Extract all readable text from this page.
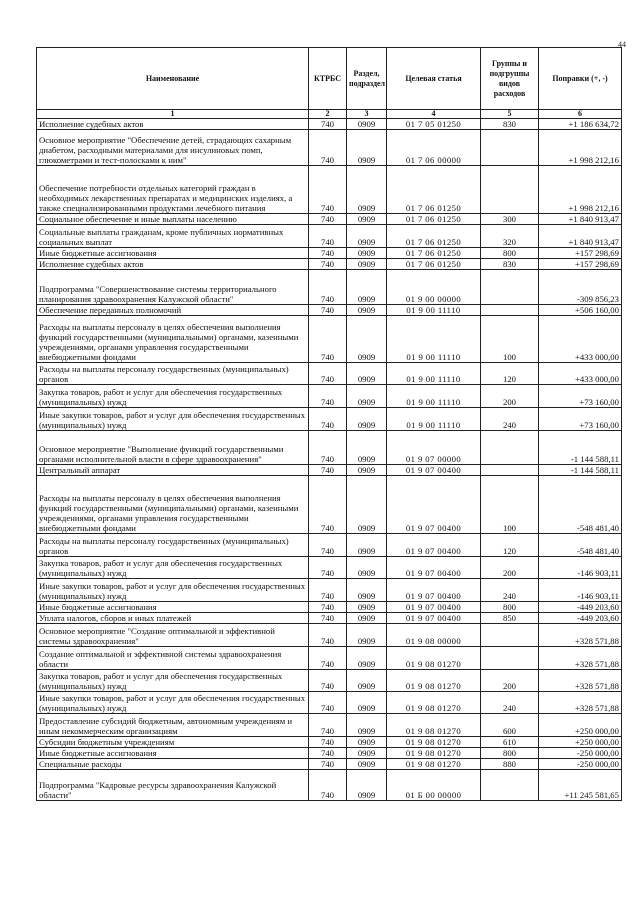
44
Наименование	КТРБС	Раздел, подраздел	Целевая статья	Группы и подгруппы видов расходов	Поправки (+, -)
1	2	3	4	5	6
Исполнение судебных актов	740	0909	01 7 05 01250	830	+1 186 634,72
Основное мероприятие "Обеспечение детей, страдающих сахарным диабетом, расходными материалами для инсулиновых помп, глюкометрами и тест-полосками к ним"	740	0909	01 7 06 00000		+1 998 212,16
Обеспечение потребности отдельных категорий граждан в необходимых лекарственных препаратах и медицинских изделиях, а также специализированными продуктами лечебного питания	740	0909	01 7 06 01250		+1 998 212,16
Социальное обеспечение и иные выплаты населению	740	0909	01 7 06 01250	300	+1 840 913,47
Социальные выплаты гражданам, кроме публичных нормативных социальных выплат	740	0909	01 7 06 01250	320	+1 840 913,47
Иные бюджетные ассигнования	740	0909	01 7 06 01250	800	+157 298,69
Исполнение судебных актов	740	0909	01 7 06 01250	830	+157 298,69
Подпрограмма "Совершенствование системы территориального планирования здравоохранения Калужской области"	740	0909	01 9 00 00000		-309 856,23
Обеспечение переданных полномочий	740	0909	01 9 00 11110		+506 160,00
Расходы на выплаты персоналу в целях обеспечения выполнения функций государственными (муниципальными) органами, казенными учреждениями, органами управления государственными внебюджетными фондами	740	0909	01 9 00 11110	100	+433 000,00
Расходы на выплаты персоналу государственных (муниципальных) органов	740	0909	01 9 00 11110	120	+433 000,00
Закупка товаров, работ и услуг для обеспечения государственных (муниципальных) нужд	740	0909	01 9 00 11110	200	+73 160,00
Иные закупки товаров, работ и услуг для обеспечения государственных (муниципальных) нужд	740	0909	01 9 00 11110	240	+73 160,00
Основное мероприятие "Выполнение функций государственными органами исполнительной власти в сфере здравоохранения"	740	0909	01 9 07 00000		-1 144 588,11
Центральный аппарат	740	0909	01 9 07 00400		-1 144 588,11
Расходы на выплаты персоналу в целях обеспечения выполнения функций государственными (муниципальными) органами, казенными учреждениями, органами управления государственными внебюджетными фондами	740	0909	01 9 07 00400	100	-548 481,40
Расходы на выплаты персоналу государственных (муниципальных) органов	740	0909	01 9 07 00400	120	-548 481,40
Закупка товаров, работ и услуг для обеспечения государственных (муниципальных) нужд	740	0909	01 9 07 00400	200	-146 903,11
Иные закупки товаров, работ и услуг для обеспечения государственных (муниципальных) нужд	740	0909	01 9 07 00400	240	-146 903,11
Иные бюджетные ассигнования	740	0909	01 9 07 00400	800	-449 203,60
Уплата налогов, сборов и иных платежей	740	0909	01 9 07 00400	850	-449 203,60
Основное мероприятие "Создание оптимальной и эффективной системы здравоохранения"	740	0909	01 9 08 00000		+328 571,88
Создание оптимальной и эффективной системы здравоохранения области	740	0909	01 9 08 01270		+328 571,88
Закупка товаров, работ и услуг для обеспечения государственных (муниципальных) нужд	740	0909	01 9 08 01270	200	+328 571,88
Иные закупки товаров, работ и услуг для обеспечения государственных (муниципальных) нужд	740	0909	01 9 08 01270	240	+328 571,88
Предоставление субсидий бюджетным, автономным учреждениям и иным некоммерческим организациям	740	0909	01 9 08 01270	600	+250 000,00
Субсидии бюджетным учреждениям	740	0909	01 9 08 01270	610	+250 000,00
Иные бюджетные ассигнования	740	0909	01 9 08 01270	800	-250 000,00
Специальные расходы	740	0909	01 9 08 01270	880	-250 000,00
Подпрограмма "Кадровые ресурсы здравоохранения Калужской области"	740	0909	01 Б 00 00000		+11 245 581,65
